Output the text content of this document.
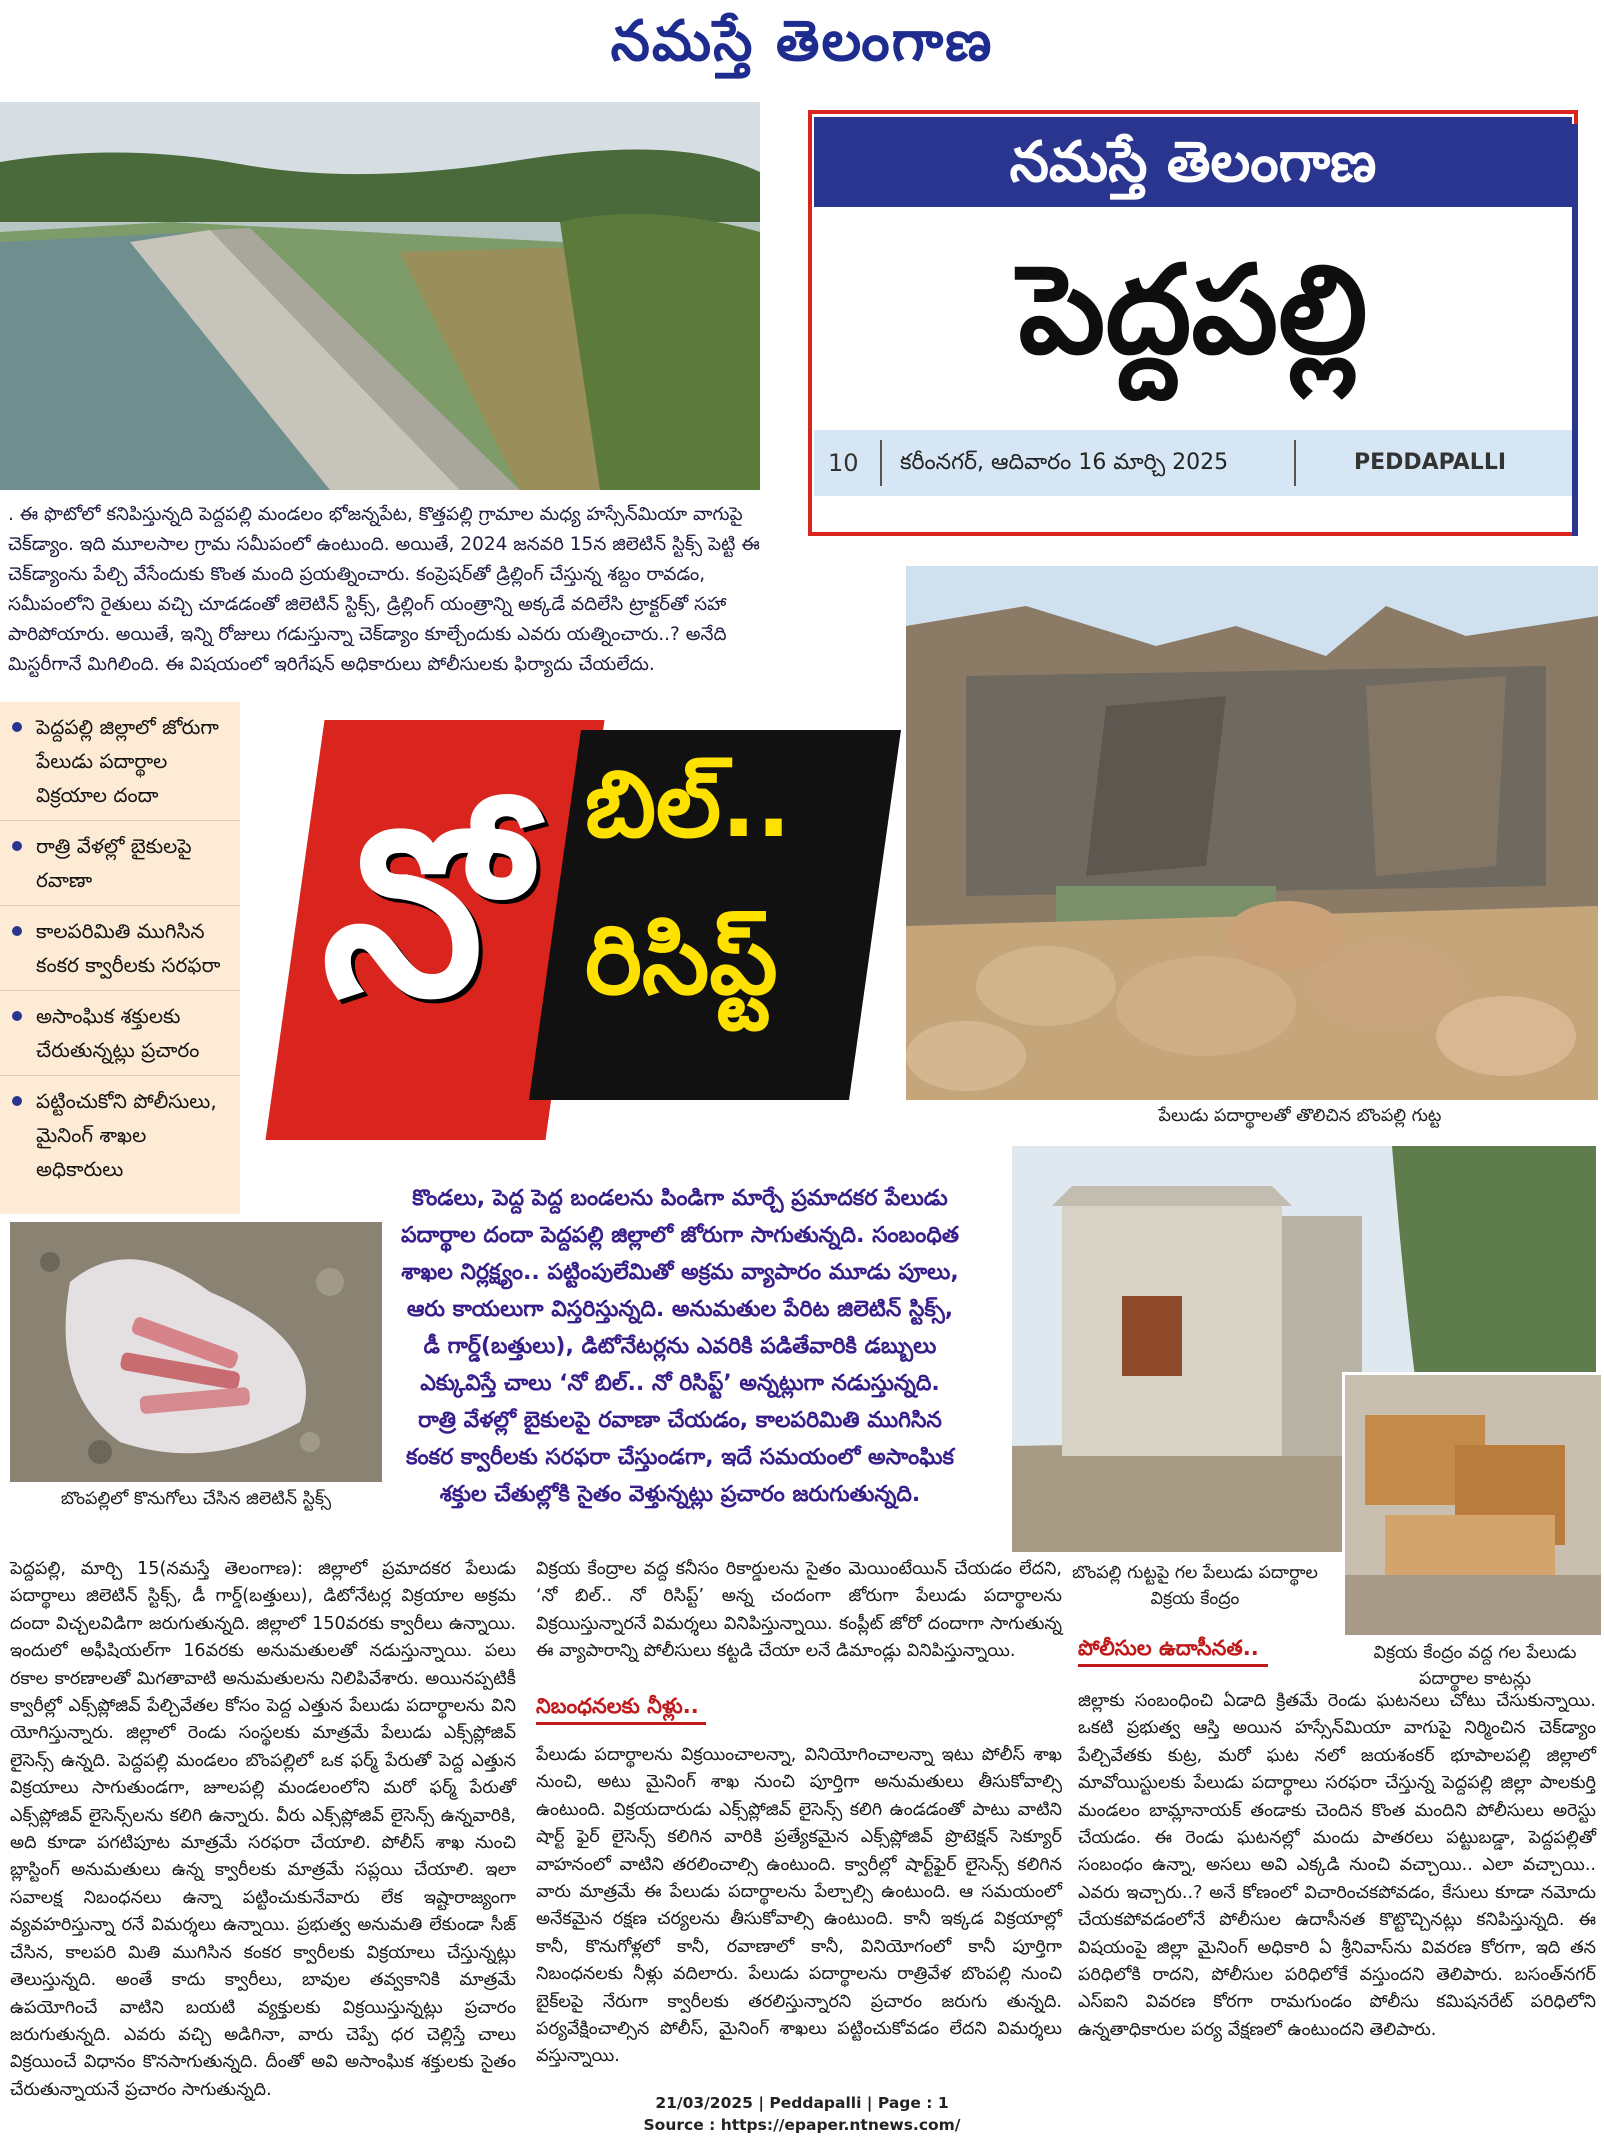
నమస్తే తెలంగాణ
నమస్తే తెలంగాణ
పెద్దపల్లి
10 కరీంనగర్, ఆదివారం 16 మార్చి 2025	PEDDAPALLI
. ఈ ఫొటోలో కనిపిస్తున్నది పెద్దపల్లి మండలం భోజన్నపేట, కొత్తపల్లి గ్రామాల మధ్య హస్సేన్‌మియా వాగుపై చెక్‌డ్యాం. ఇది మూలసాల గ్రామ సమీపంలో ఉంటుంది. అయితే, 2024 జనవరి 15న జిలెటిన్ స్టిక్స్ పెట్టి ఈ చెక్‌డ్యాంను పేల్చి వేసేందుకు కొంత మంది ప్రయత్నించారు. కంప్రెషర్‌తో డ్రిల్లింగ్ చేస్తున్న శబ్దం రావడం, సమీపంలోని రైతులు వచ్చి చూడడంతో జిలెటిన్ స్టిక్స్, డ్రిల్లింగ్ యంత్రాన్ని అక్కడే వదిలేసి ట్రాక్టర్‌తో సహా పారిపోయారు. అయితే, ఇన్ని రోజులు గడుస్తున్నా చెక్‌డ్యాం కూల్చేందుకు ఎవరు యత్నించారు..? అనేది మిస్టరీగానే మిగిలింది. ఈ విషయంలో ఇరిగేషన్ అధికారులు పోలీసులకు ఫిర్యాదు చేయలేదు.
పేలుడు పదార్థాలతో తొలిచిన బొంపల్లి గుట్ట
పెద్దపల్లి జిల్లాలో జోరుగా పేలుడు పదార్థాల విక్రయాల దందా
రాత్రి వేళల్లో బైకులపై రవాణా
కాలపరిమితి ముగిసిన కంకర క్వారీలకు సరఫరా
అసాంఘిక శక్తులకు చేరుతున్నట్లు ప్రచారం
పట్టించుకోని పోలీసులు, మైనింగ్ శాఖల అధికారులు
నో బిల్..
రిసిప్ట్
బొంపల్లిలో కొనుగోలు చేసిన జిలెటిన్ స్టిక్స్
కొండలు, పెద్ద పెద్ద బండలను పిండిగా మార్చే ప్రమాదకర పేలుడు పదార్థాల దందా పెద్దపల్లి జిల్లాలో జోరుగా సాగుతున్నది. సంబంధిత శాఖల నిర్లక్ష్యం.. పట్టింపులేమితో అక్రమ వ్యాపారం మూడు పూలు, ఆరు కాయలుగా విస్తరిస్తున్నది. అనుమతుల పేరిట జిలెటిన్ స్టిక్స్, డీ గార్డ్(బత్తులు), డిటోనేటర్లను ఎవరికి పడితేవారికి డబ్బులు ఎక్కువిస్తే చాలు ‘నో బిల్.. నో రిసిప్ట్’ అన్నట్లుగా నడుస్తున్నది. రాత్రి వేళల్లో బైకులపై రవాణా చేయడం, కాలపరిమితి ముగిసిన కంకర క్వారీలకు సరఫరా చేస్తుండగా, ఇదే సమయంలో అసాంఘిక శక్తుల చేతుల్లోకి సైతం వెళ్తున్నట్లు ప్రచారం జరుగుతున్నది.
బొంపల్లి గుట్టపై గల పేలుడు పదార్థాల విక్రయ కేంద్రం
విక్రయ కేంద్రం వద్ద గల పేలుడు పదార్థాల కాటన్లు
పెద్దపల్లి, మార్చి 15(నమస్తే తెలంగాణ): జిల్లాలో ప్రమాదకర పేలుడు పదార్థాలు జిలెటిన్ స్టిక్స్, డీ గార్డ్(బత్తులు), డిటోనేటర్ల విక్రయాల అక్రమ దందా విచ్చలవిడిగా జరుగుతున్నది. జిల్లాలో 150వరకు క్వారీలు ఉన్నాయి. ఇందులో అఫీషియల్‌గా 16వరకు అనుమతులతో నడుస్తున్నాయి. పలు రకాల కారణాలతో మిగతావాటి అనుమతులను నిలిపివేశారు. అయినప్పటికీ క్వారీల్లో ఎక్స్‌ప్లోజివ్ పేల్చివేతల కోసం పెద్ద ఎత్తున పేలుడు పదార్థాలను విని యోగిస్తున్నారు. జిల్లాలో రెండు సంస్థలకు మాత్రమే పేలుడు ఎక్స్‌ప్లోజివ్ లైసెన్స్ ఉన్నది. పెద్దపల్లి మండలం బొంపల్లిలో ఒక ఫర్మ్ పేరుతో పెద్ద ఎత్తున విక్రయాలు సాగుతుండగా, జూలపల్లి మండలంలోని మరో ఫర్మ్ పేరుతో ఎక్స్‌ప్లోజివ్ లైసెన్స్‌లను కలిగి ఉన్నారు. వీరు ఎక్స్‌ప్లోజివ్ లైసెన్స్ ఉన్నవారికి, అది కూడా పగటిపూట మాత్రమే సరఫరా చేయాలి. పోలీస్ శాఖ నుంచి బ్లాస్టింగ్ అనుమతులు ఉన్న క్వారీలకు మాత్రమే సప్లయి చేయాలి. ఇలా సవాలక్ష నిబంధనలు ఉన్నా పట్టించుకునేవారు లేక ఇష్టారాజ్యంగా వ్యవహరిస్తున్నా రనే విమర్శలు ఉన్నాయి. ప్రభుత్వ అనుమతి లేకుండా సీజ్ చేసిన, కాలపరి మితి ముగిసిన కంకర క్వారీలకు విక్రయాలు చేస్తున్నట్లు తెలుస్తున్నది. అంతే కాదు క్వారీలు, బావుల తవ్వకానికి మాత్రమే ఉపయోగించే వాటిని బయటి వ్యక్తులకు విక్రయిస్తున్నట్లు ప్రచారం జరుగుతున్నది. ఎవరు వచ్చి అడిగినా, వారు చెప్పే ధర చెల్లిస్తే చాలు విక్రయించే విధానం కొనసాగుతున్నది. దీంతో అవి అసాంఘిక శక్తులకు సైతం చేరుతున్నాయనే ప్రచారం సాగుతున్నది.
విక్రయ కేంద్రాల వద్ద కనీసం రికార్డులను సైతం మెయింటేయిన్ చేయడం లేదని, ‘నో బిల్.. నో రిసిప్ట్’ అన్న చందంగా జోరుగా పేలుడు పదార్థాలను విక్రయిస్తున్నారనే విమర్శలు వినిపిస్తున్నాయి. కంప్లీట్ జోరో దందాగా సాగుతున్న ఈ వ్యాపారాన్ని పోలీసులు కట్టడి చేయా లనే డిమాండ్లు వినిపిస్తున్నాయి.
నిబంధనలకు నీళ్లు..
పేలుడు పదార్థాలను విక్రయించాలన్నా, వినియోగించాలన్నా ఇటు పోలీస్ శాఖ నుంచి, అటు మైనింగ్ శాఖ నుంచి పూర్తిగా అనుమతులు తీసుకోవాల్సి ఉంటుంది. విక్రయదారుడు ఎక్స్‌ప్లోజివ్ లైసెన్స్ కలిగి ఉండడంతో పాటు వాటిని షార్ట్ ఫైర్ లైసెన్స్ కలిగిన వారికి ప్రత్యేకమైన ఎక్స్‌ప్లోజివ్ ప్రొటెక్షన్ సెక్యూర్ వాహనంలో వాటిని తరలించాల్సి ఉంటుంది. క్వారీల్లో షార్ట్‌ఫైర్ లైసెన్స్ కలిగిన వారు మాత్రమే ఈ పేలుడు పదార్థాలను పేల్చాల్సి ఉంటుంది. ఆ సమయంలో అనేకమైన రక్షణ చర్యలను తీసుకోవాల్సి ఉంటుంది. కానీ ఇక్కడ విక్రయాల్లో కానీ, కొనుగోళ్లలో కానీ, రవాణాలో కానీ, వినియోగంలో కానీ పూర్తిగా నిబంధనలకు నీళ్లు వదిలారు. పేలుడు పదార్థాలను రాత్రివేళ బొంపల్లి నుంచి బైక్‌లపై నేరుగా క్వారీలకు తరలిస్తున్నారని ప్రచారం జరుగు తున్నది. పర్యవేక్షించాల్సిన పోలీస్, మైనింగ్ శాఖలు పట్టించుకోవడం లేదని విమర్శలు వస్తున్నాయి.
పోలీసుల ఉదాసీనత..
జిల్లాకు సంబంధించి ఏడాది క్రితమే రెండు ఘటనలు చోటు చేసుకున్నాయి. ఒకటి ప్రభుత్వ ఆస్తి అయిన హస్సేన్‌మియా వాగుపై నిర్మించిన చెక్‌డ్యాం పేల్చివేతకు కుట్ర, మరో ఘట నలో జయశంకర్ భూపాలపల్లి జిల్లాలో మావోయిస్టులకు పేలుడు పదార్థాలు సరఫరా చేస్తున్న పెద్దపల్లి జిల్లా పాలకుర్తి మండలం బామ్లానాయక్ తండాకు చెందిన కొంత మందిని పోలీసులు అరెస్టు చేయడం. ఈ రెండు ఘటనల్లో మందు పాతరలు పట్టుబడ్డా, పెద్దపల్లితో సంబంధం ఉన్నా, అసలు అవి ఎక్కడి నుంచి వచ్చాయి.. ఎలా వచ్చాయి.. ఎవరు ఇచ్చారు..? అనే కోణంలో విచారించకపోవడం, కేసులు కూడా నమోదు చేయకపోవడంలోనే పోలీసుల ఉదాసీనత కొట్టొచ్చినట్లు కనిపిస్తున్నది. ఈ విషయంపై జిల్లా మైనింగ్ అధికారి ఏ శ్రీనివాస్‌ను వివరణ కోరగా, ఇది తన పరిధిలోకి రాదని, పోలీసుల పరిధిలోకే వస్తుందని తెలిపారు. బసంత్‌నగర్ ఎస్ఐని వివరణ కోరగా రామగుండం పోలీసు కమిషనరేట్ పరిధిలోని ఉన్నతాధికారుల పర్య వేక్షణలో ఉంటుందని తెలిపారు.
21/03/2025 | Peddapalli | Page : 1
Source : https://epaper.ntnews.com/
